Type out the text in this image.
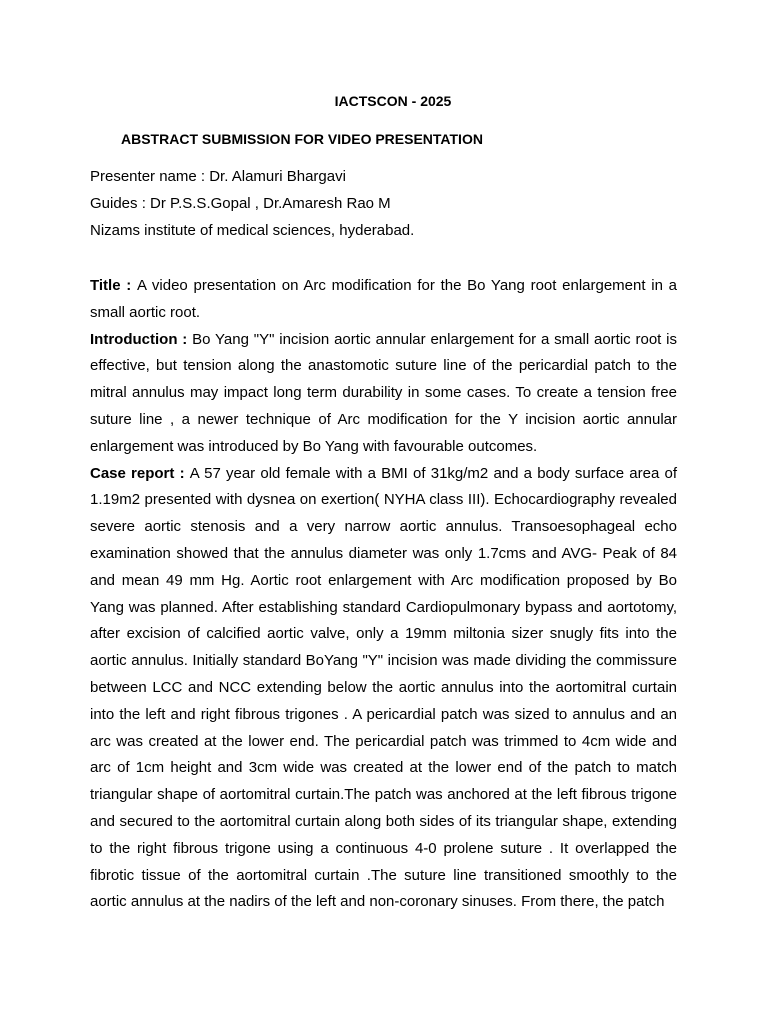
IACTSCON - 2025
ABSTRACT SUBMISSION FOR VIDEO PRESENTATION
Presenter name : Dr. Alamuri Bhargavi
Guides : Dr P.S.S.Gopal , Dr.Amaresh Rao M
Nizams institute of medical sciences, hyderabad.

Title : A video presentation on Arc modification for the Bo Yang root enlargement in a small aortic root.

Introduction : Bo Yang "Y" incision aortic annular enlargement for a small aortic root is effective, but tension along the anastomotic suture line of the pericardial patch to the mitral annulus may impact long term durability in some cases. To create a tension free suture line , a newer technique of Arc modification for the Y incision aortic annular enlargement was introduced by Bo Yang with favourable outcomes.

Case report : A 57 year old female with a BMI of 31kg/m2 and a body surface area of 1.19m2 presented with dysnea on exertion( NYHA class III). Echocardiography revealed severe aortic stenosis and a very narrow aortic annulus. Transoesophageal echo examination showed that the annulus diameter was only 1.7cms and AVG- Peak of 84 and mean 49 mm Hg. Aortic root enlargement with Arc modification proposed by Bo Yang was planned. After establishing standard Cardiopulmonary bypass and aortotomy, after excision of calcified aortic valve, only a 19mm miltonia sizer snugly fits into the aortic annulus. Initially standard BoYang "Y" incision was made dividing the commissure between LCC and NCC extending below the aortic annulus into the aortomitral curtain into the left and right fibrous trigones . A pericardial patch was sized to annulus and an arc was created at the lower end. The pericardial patch was trimmed to 4cm wide and arc of 1cm height and 3cm wide was created at the lower end of the patch to match triangular shape of aortomitral curtain.The patch was anchored at the left fibrous trigone and secured to the aortomitral curtain along both sides of its triangular shape, extending to the right fibrous trigone using a continuous 4-0 prolene suture . It overlapped the fibrotic tissue of the aortomitral curtain .The suture line transitioned smoothly to the aortic annulus at the nadirs of the left and non-coronary sinuses. From there, the patch
